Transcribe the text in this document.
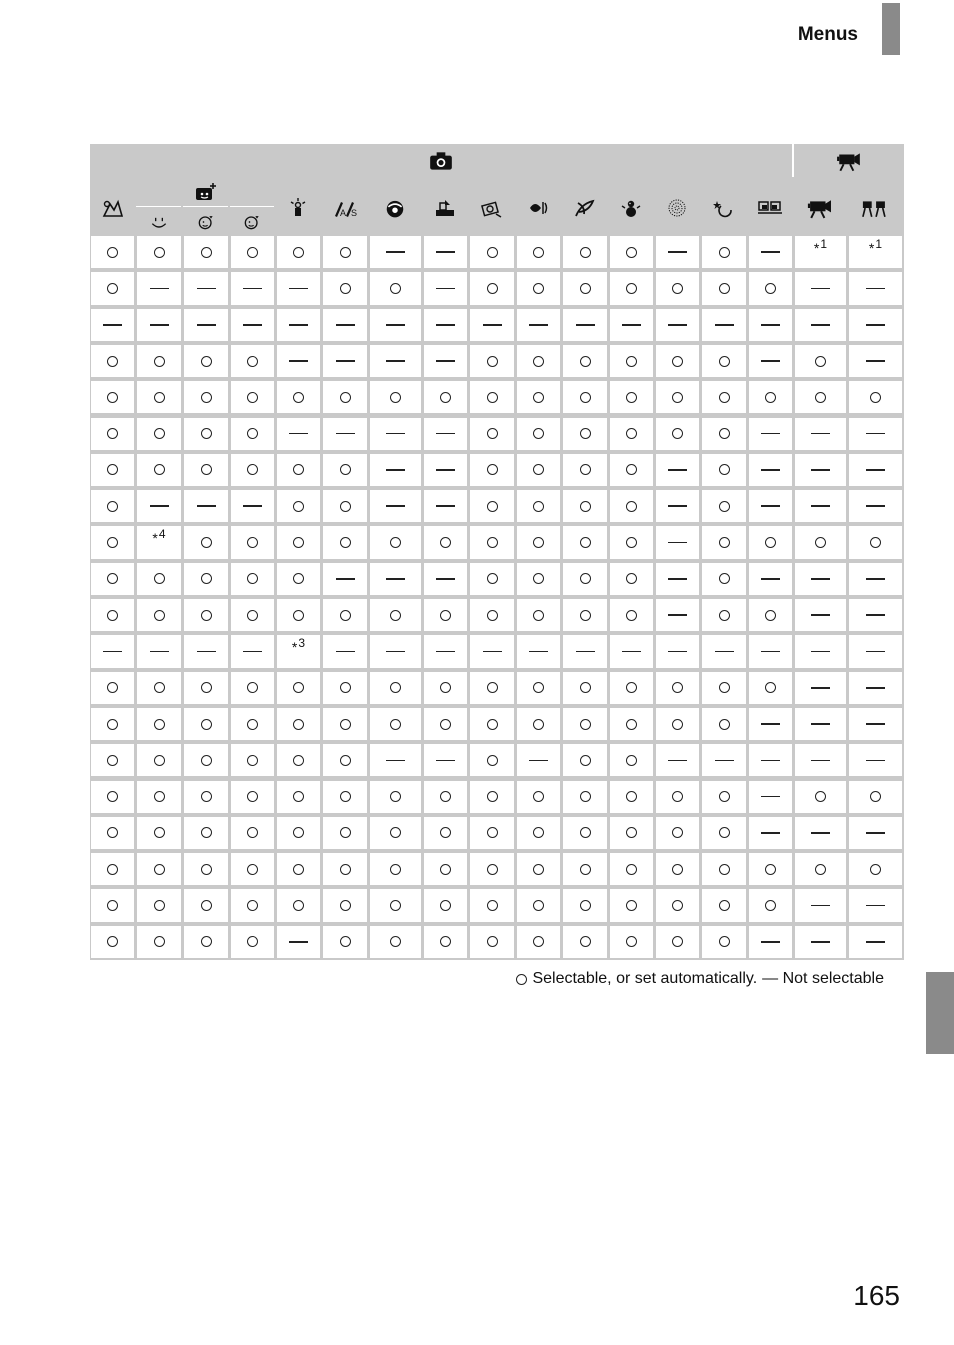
Menus
A S
* 1	* 1
* 4
* 3
Selectable, or set automatically. — Not selectable
165
